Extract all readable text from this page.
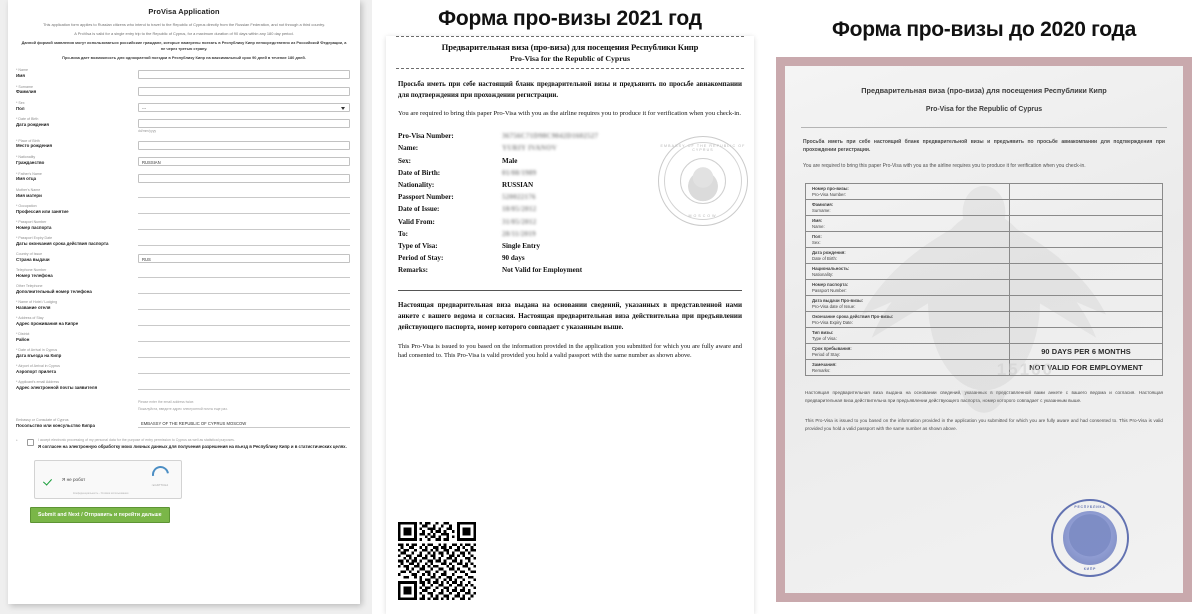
ProVisa Application
This application form applies to Russian citizens who intend to travel to the Republic of Cyprus directly from the Russian Federation, and not through a third country.
A ProVisa is valid for a single entry trip to the Republic of Cyprus, for a maximum duration of 90 days within any 180 day period.
Данной формой заявления могут использоваться российские граждане, которые намерены поехать в Республику Кипр непосредственно из Российской Федерации, а не через третью страну.
Про-виза дает возможность для однократной поездки в Республику Кипр на максимальный срок 90 дней в течение 180 дней.
* Name
Имя
* Surname
Фамилия
* Sex
Пол	---
* Date of Birth
Дата рождения
dd/mm/yyyy
* Place of Birth
Место рождения
* Nationality
Гражданство	RUSSIAN
* Father's Name
Имя отца
Mother's Name
Имя матери
* Occupation
Профессия или занятие
* Passport Number
Номер паспорта
* Passport Expiry Date
Даты окончания срока действия паспорта
Country of Issue
Страна выдачи	RUS
Telephone Number
Номер телефона
Other Telephone
Дополнительный номер телефона
* Name of Hotel / Lodging
Название отеля
* Address of Stay
Адрес проживания на Кипре
* District
Район
* Date of Arrival in Cyprus
Дата въезда на Кипр
* Airport of Arrival in Cyprus
Аэропорт прилета
* Applicant's email Address
Адрес электронной почты заявителя
Please enter the email address twice.
Пожалуйста, введите адрес электронной почты еще раз.
Embassy or Consulate of Cyprus
Посольство или консульство Кипра	EMBASSY OF THE REPUBLIC OF CYPRUS MOSCOW
*	I accept electronic processing of my personal data for the purpose of entry permission to Cyprus as well as statistical purposes.
Я согласен на электронную обработку моих личных данных для получения разрешения на въезд в Республику Кипр и в статистических целях.
Я не робот
reCAPTCHA
Конфиденциальность - Условия использования
Submit and Next / Отправить и перейти дальше
Форма про-визы 2021 год
Предварительная виза (про-виза) для посещения Республики Кипр
Pro-Visa for the Republic of Cyprus
Просьба иметь при себе настоящий бланк предварительной визы и предъявить по просьбе авиакомпании для подтверждения при прохождении регистрации.
You are required to bring this paper Pro-Visa with you as the airline requires you to produce it for verification when you check-in.
EMBASSY OF THE REPUBLIC OF CYPRUS
MOSCOW
Pro-Visa Number:	36756C71D98C9042D1602527
Name:	YURIY IVANOV
Sex:	Male
Date of Birth:	01/08/1989
Nationality:	RUSSIAN
Passport Number:	520022176
Date of Issue:	18/05/2012
Valid From:	31/05/2012
To:	28/11/2019
Type of Visa:	Single Entry
Period of Stay:	90 days
Remarks:	Not Valid for Employment
Настоящая предварительная виза выдана на основании сведений, указанных в представленной нами анкете с вашего ведома и согласия. Настоящая предварительная виза действительна при предъявлении действующего паспорта, номер которого совпадает с указанным выше.
This Pro-Visa is issued to you based on the information provided in the application you submitted for which you are fully aware and had consented to. This Pro-Visa is valid provided you hold a valid passport with the same number as shown above.
Форма про-визы до 2020 года
Предварительная виза (про-виза) для посещения Республики Кипр
Pro-Visa for the Republic of Cyprus
Просьба иметь при себе настоящий бланк предварительной визы и предъявить по просьбе авиакомпании для подтверждения при прохождении регистрации.
You are required to bring this paper Pro-Visa with you as the airline requires you to produce it for verification when you check-in.
15160
Номер про-визы:
Pro-Visa Number:
Фамилия:
Surname:
Имя:
Name:
Пол:
Sex:
Дата рождения:
Date of Birth:
Национальность:
Nationality:
Номер паспорта:
Passport Number:
Дата выдачи Про-визы:
Pro-Visa date of Issue:
Окончание срока действия Про-визы:
Pro-Visa Expiry Date:
Тип визы:
Type of Visa:
Срок пребывания:
Period of Stay:	90 DAYS PER 6 MONTHS
Замечания:
Remarks:	NOT VALID FOR EMPLOYMENT
Настоящая предварительная виза выдана на основании сведений, указанных в представленной вами анкете с вашего ведома и согласия. Настоящая предварительная виза действительна при предъявлении действующего паспорта, номер которого совпадает с указанным выше.
This Pro-Visa is issued to you based on the information provided in the application you submitted for which you are fully aware and had consented to. This Pro-Visa is valid provided you hold a valid passport with the same number as shown above.
РЕСПУБЛИКА
КИПР
